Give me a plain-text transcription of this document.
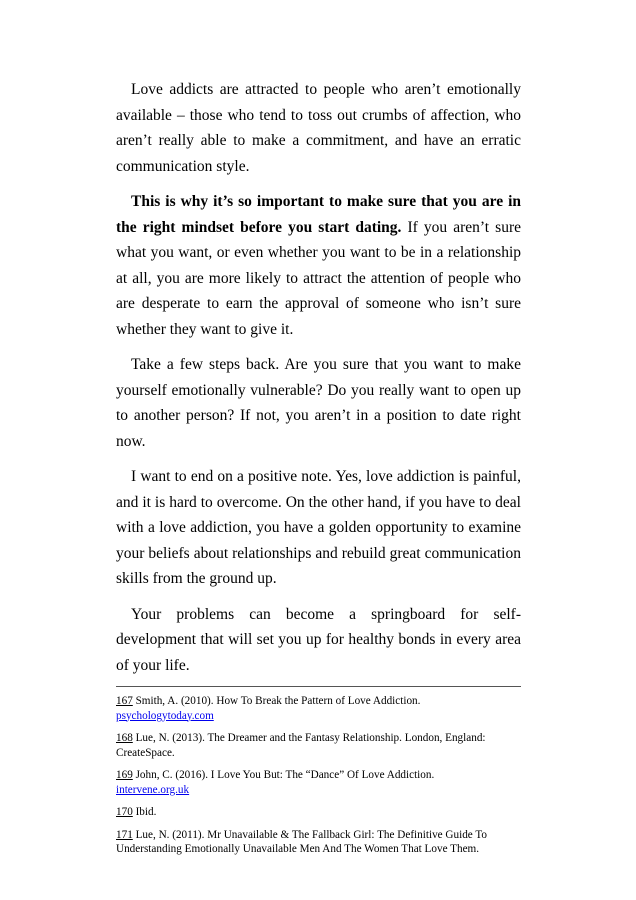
Love addicts are attracted to people who aren’t emotionally available – those who tend to toss out crumbs of affection, who aren’t really able to make a commitment, and have an erratic communication style.

This is why it’s so important to make sure that you are in the right mindset before you start dating. If you aren’t sure what you want, or even whether you want to be in a relationship at all, you are more likely to attract the attention of people who are desperate to earn the approval of someone who isn’t sure whether they want to give it.

Take a few steps back. Are you sure that you want to make yourself emotionally vulnerable? Do you really want to open up to another person? If not, you aren’t in a position to date right now.

I want to end on a positive note. Yes, love addiction is painful, and it is hard to overcome. On the other hand, if you have to deal with a love addiction, you have a golden opportunity to examine your beliefs about relationships and rebuild great communication skills from the ground up.

Your problems can become a springboard for self-development that will set you up for healthy bonds in every area of your life.

167 Smith, A. (2010). How To Break the Pattern of Love Addiction.
psychologytoday.com
168 Lue, N. (2013). The Dreamer and the Fantasy Relationship. London, England: CreateSpace.
169 John, C. (2016). I Love You But: The “Dance” Of Love Addiction.
intervene.org.uk
170 Ibid.
171 Lue, N. (2011). Mr Unavailable & The Fallback Girl: The Definitive Guide To Understanding Emotionally Unavailable Men And The Women That Love Them.
